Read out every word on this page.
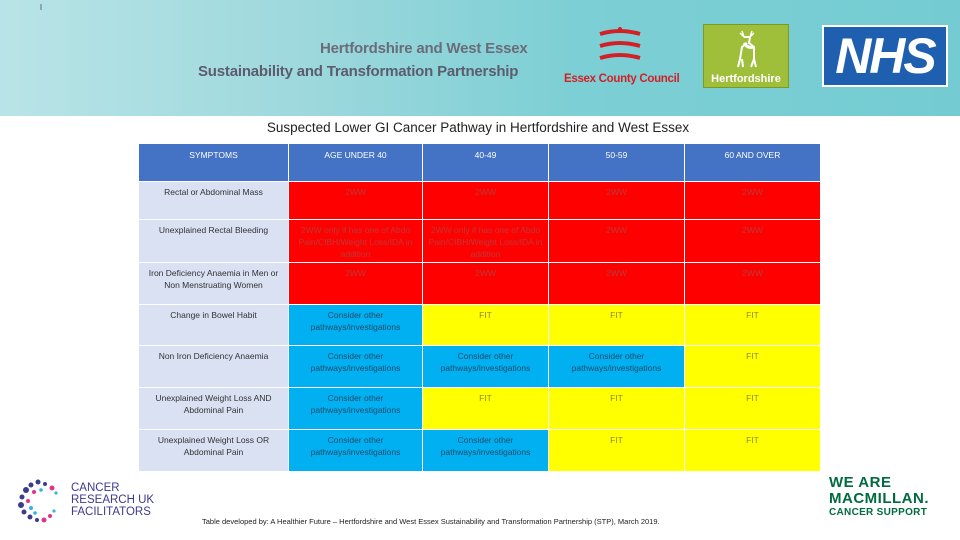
Hertfordshire and West Essex
Sustainability and Transformation Partnership	Essex County Council	Hertfordshire NHS
Suspected Lower GI Cancer Pathway in Hertfordshire and West Essex
SYMPTOMS	AGE UNDER 40	40-49	50-59	60 AND OVER
Rectal or Abdominal Mass	2WW	2WW	2WW	2WW
Unexplained Rectal Bleeding	2WW only if has one of Abdo Pain/CIBH/Weight Loss/IDA in addition	2WW only if has one of Abdo Pain/CIBH/Weight Loss/IDA in addition	2WW	2WW
Iron Deficiency Anaemia in Men or Non Menstruating Women	2WW	2WW	2WW	2WW
Change in Bowel Habit	Consider other pathways/investigations	FIT	FIT	FIT
Non Iron Deficiency Anaemia	Consider other pathways/investigations	Consider other pathways/investigations	Consider other pathways/investigations	FIT
Unexplained Weight Loss AND Abdominal Pain	Consider other pathways/investigations	FIT	FIT	FIT
Unexplained Weight Loss OR Abdominal Pain	Consider other pathways/investigations	Consider other pathways/investigations	FIT	FIT
CANCER
RESEARCH UK
FACILITATORS
Table developed by: A Healthier Future – Hertfordshire and West Essex Sustainability and Transformation Partnership (STP), March 2019.
WE ARE
MACMILLAN.
CANCER SUPPORT
